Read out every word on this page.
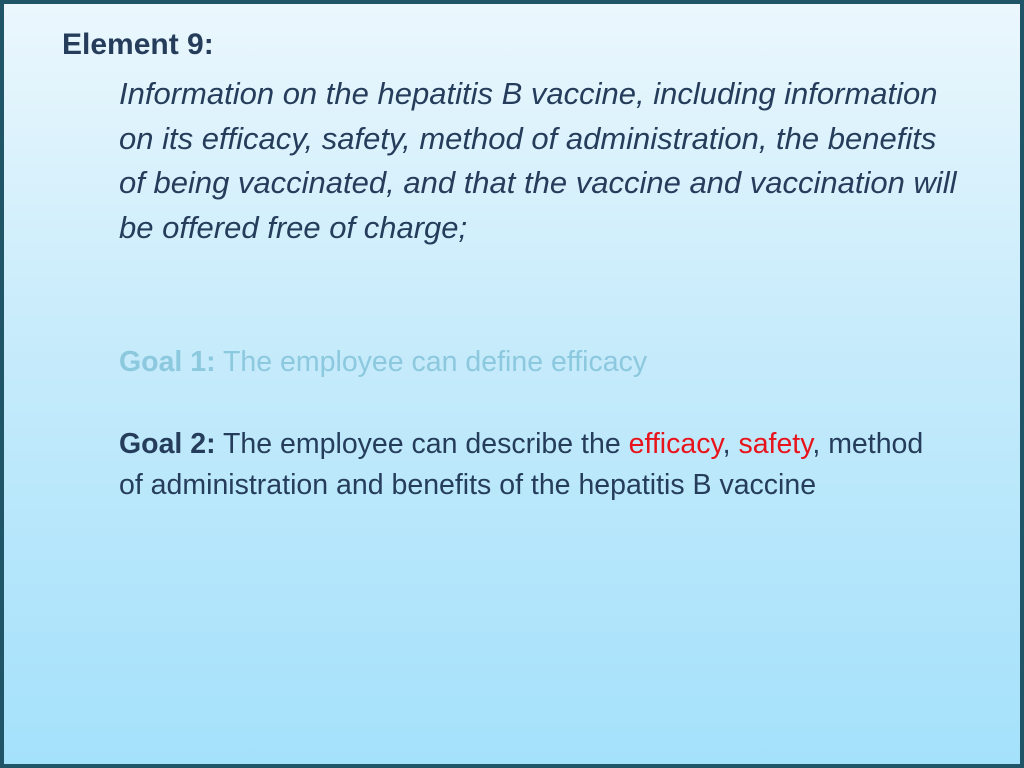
Element 9:

Information on the hepatitis B vaccine, including information on its efficacy, safety, method of administration, the benefits of being vaccinated, and that the vaccine and vaccination will be offered free of charge;

Goal 1: The employee can define efficacy

Goal 2: The employee can describe the efficacy, safety, method of administration and benefits of the hepatitis B vaccine
